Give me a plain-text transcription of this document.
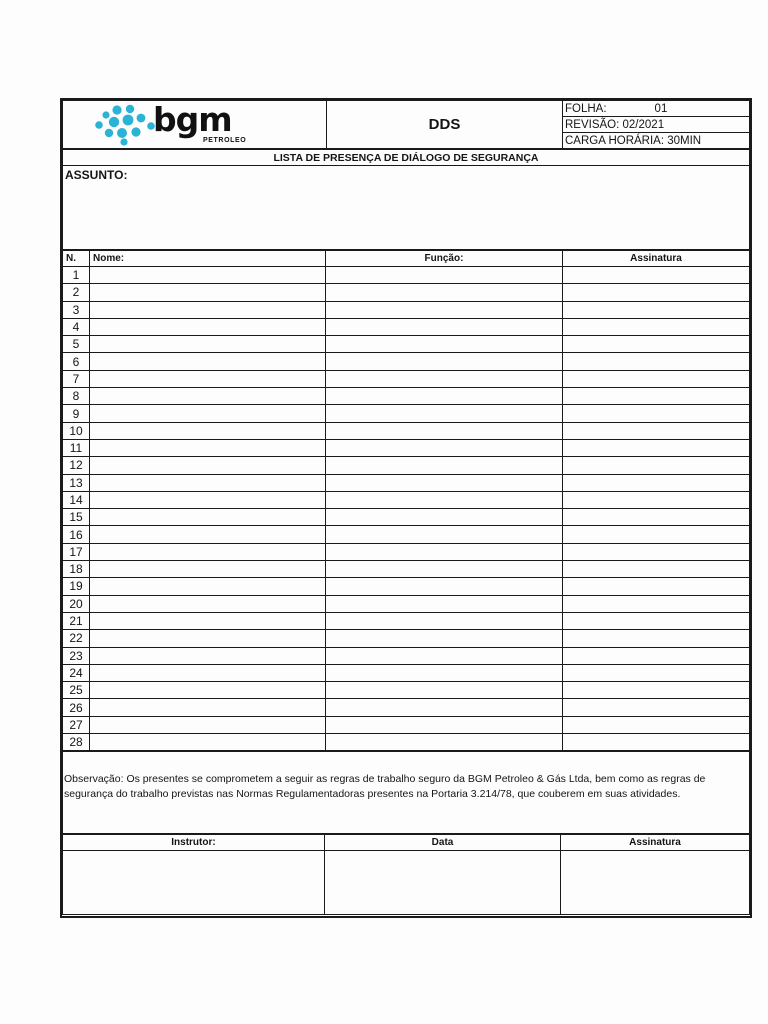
bgm
PETROLEO
	DDS	FOLHA:	01
REVISÃO: 02/2021
CARGA HORÁRIA: 30MIN
LISTA DE PRESENÇA DE DIÁLOGO DE SEGURANÇA
ASSUNTO:
N.	Nome:	Função:	Assinatura
1			
2			
3			
4			
5			
6			
7			
8			
9			
10			
11			
12			
13			
14			
15			
16			
17			
18			
19			
20			
21			
22			
23			
24			
25			
26			
27			
28			
Observação: Os presentes se comprometem a seguir as regras de trabalho seguro da BGM Petroleo & Gás Ltda, bem como as regras de segurança do trabalho previstas nas Normas Regulamentadoras presentes na Portaria 3.214/78, que couberem em suas atividades.
Instrutor:	Data	Assinatura
